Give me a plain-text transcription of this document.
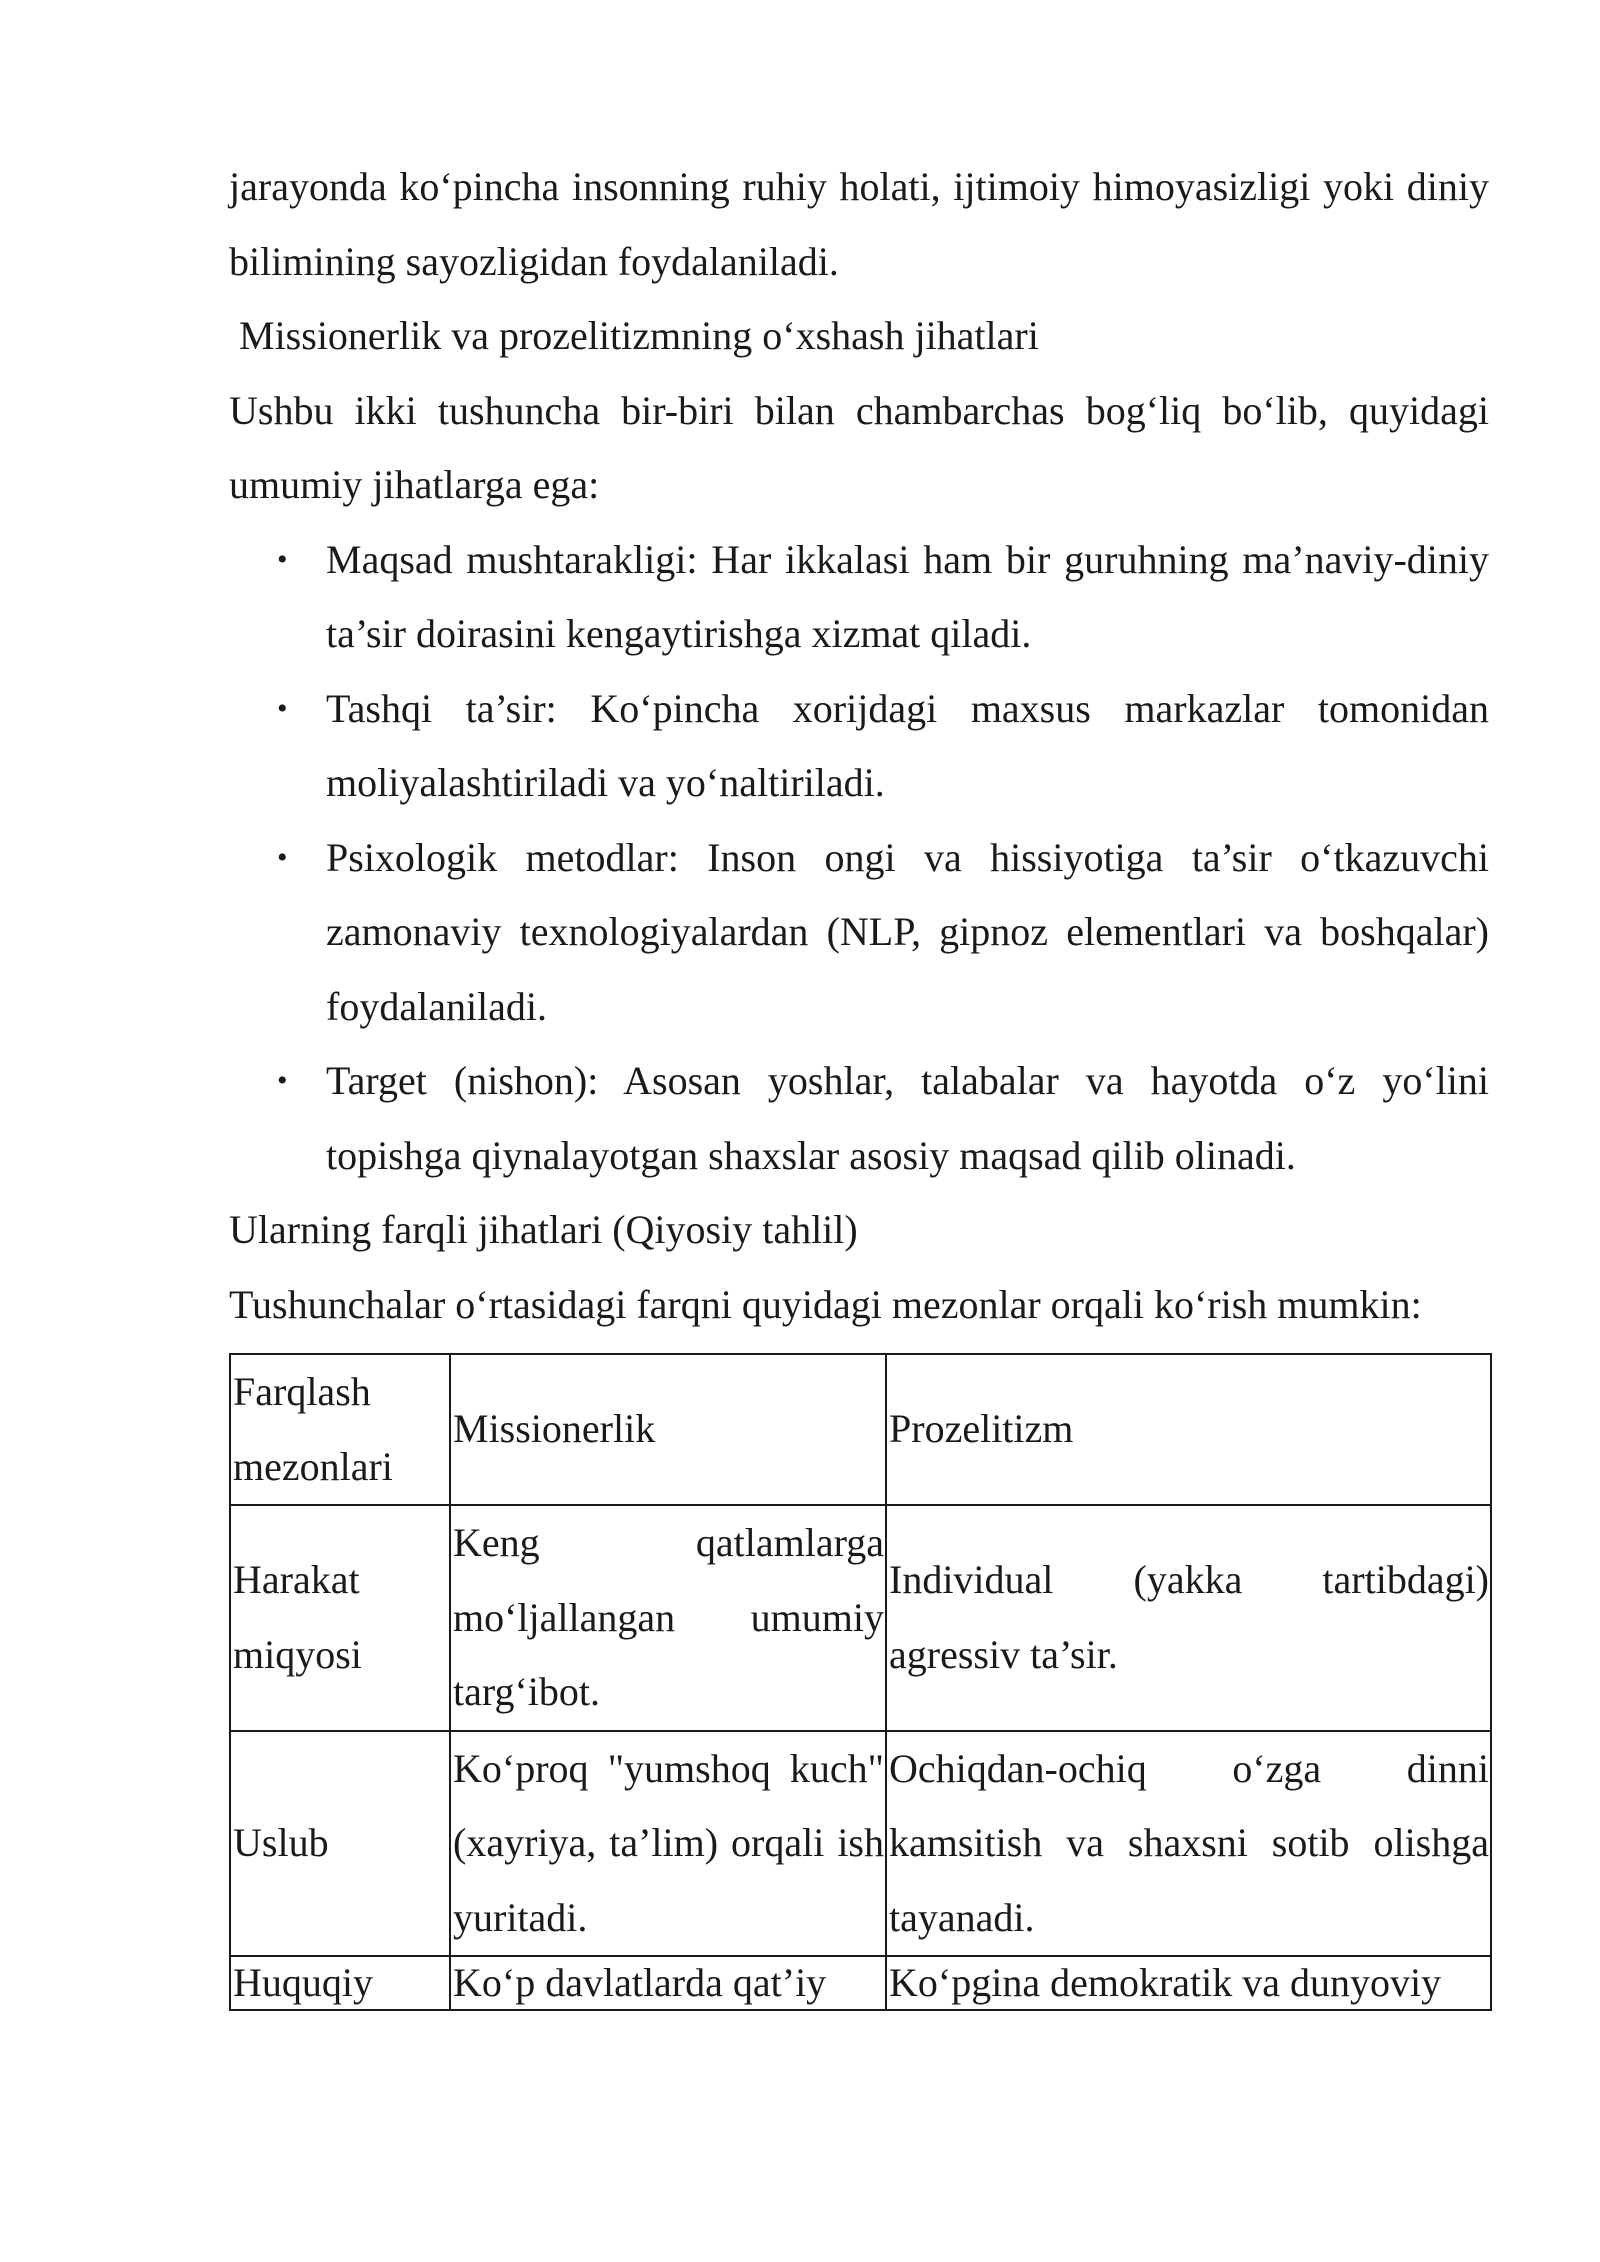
jarayonda ko‘pincha insonning ruhiy holati, ijtimoiy himoyasizligi yoki diniy bilimining sayozligidan foydalaniladi.

Missionerlik va prozelitizmning o‘xshash jihatlari

Ushbu ikki tushuncha bir-biri bilan chambarchas bog‘liq bo‘lib, quyidagi umumiy jihatlarga ega:

• Maqsad mushtarakligi: Har ikkalasi ham bir guruhning ma’naviy-diniy ta’sir doirasini kengaytirishga xizmat qiladi.
• Tashqi ta’sir: Ko‘pincha xorijdagi maxsus markazlar tomonidan moliyalashtiriladi va yo‘naltiriladi.
• Psixologik metodlar: Inson ongi va hissiyotiga ta’sir o‘tkazuvchi zamonaviy texnologiyalardan (NLP, gipnoz elementlari va boshqalar) foydalaniladi.
• Target (nishon): Asosan yoshlar, talabalar va hayotda o‘z yo‘lini topishga qiynalayotgan shaxslar asosiy maqsad qilib olinadi.

Ularning farqli jihatlari (Qiyosiy tahlil)

Tushunchalar o‘rtasidagi farqni quyidagi mezonlar orqali ko‘rish mumkin:

Farqlash mezonlari	Missionerlik	Prozelitizm
Harakat miqyosi	Keng qatlamlarga mo‘ljallangan umumiy targ‘ibot.	Individual (yakka tartibdagi) agressiv ta’sir.
Uslub	Ko‘proq "yumshoq kuch" (xayriya, ta’lim) orqali ish yuritadi.	Ochiqdan-ochiq o‘zga dinni kamsitish va shaxsni sotib olishga tayanadi.
Huquqiy	Ko‘p davlatlarda qat’iy	Ko‘pgina demokratik va dunyoviy
